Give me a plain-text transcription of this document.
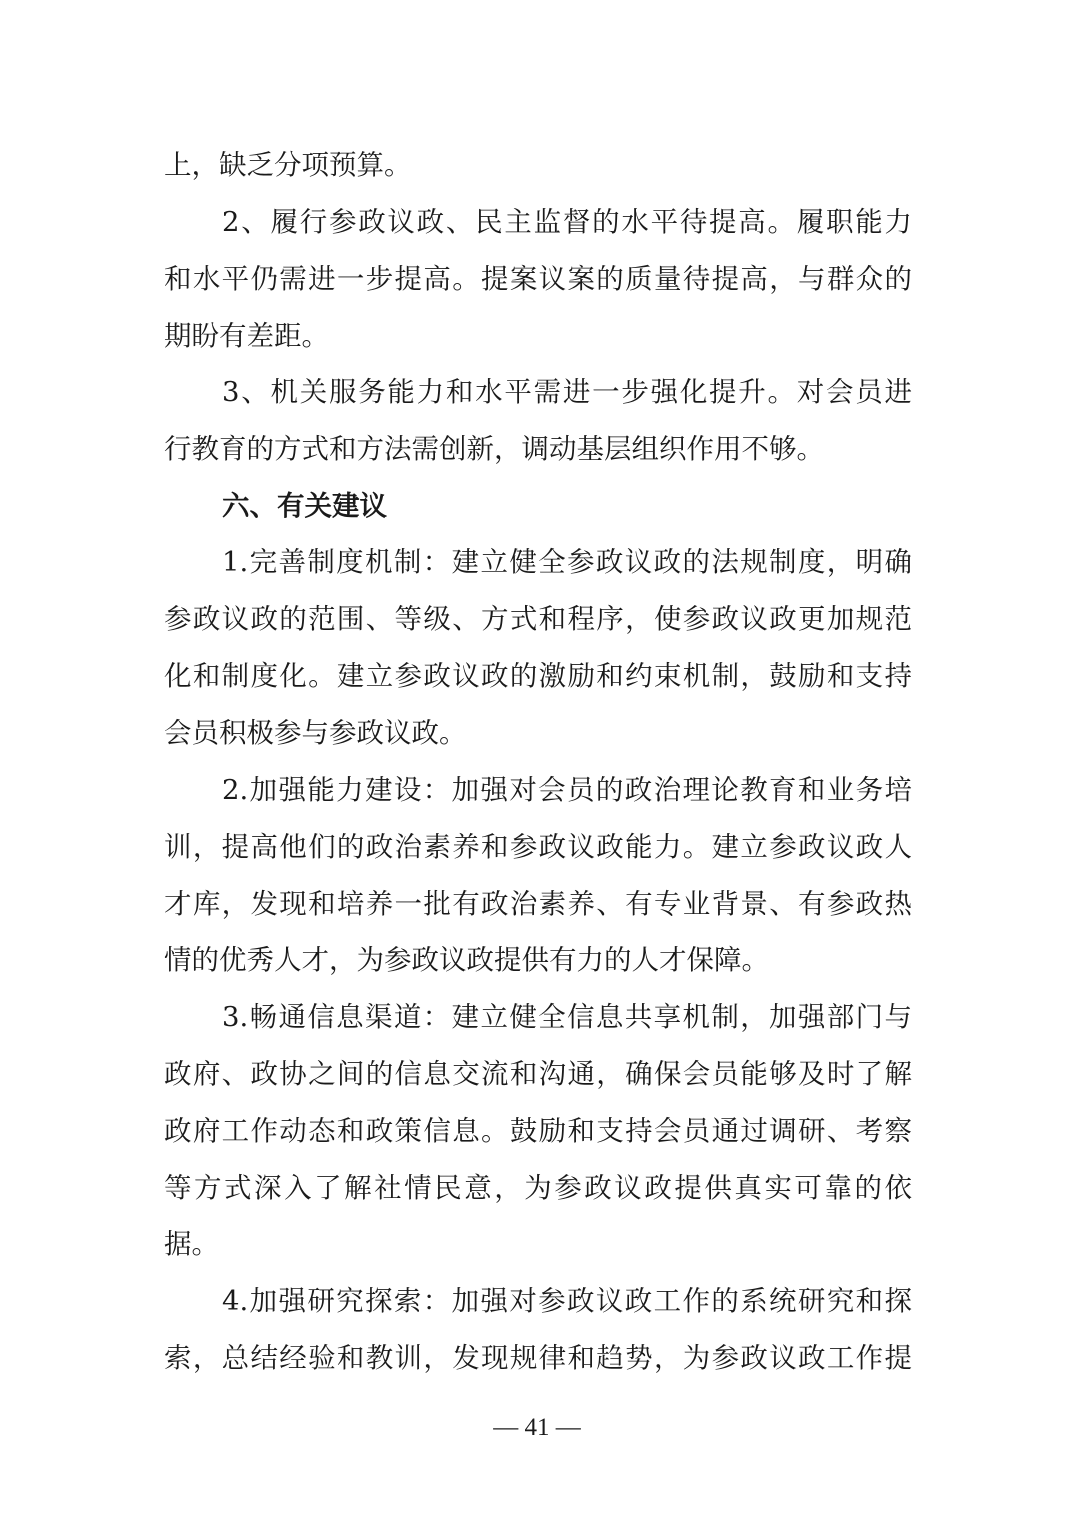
上，缺乏分项预算。
2、履行参政议政、民主监督的水平待提高。履职能力
和水平仍需进一步提高。提案议案的质量待提高，与群众的
期盼有差距。
3、机关服务能力和水平需进一步强化提升。对会员进
行教育的方式和方法需创新，调动基层组织作用不够。
六、有关建议
1.完善制度机制：建立健全参政议政的法规制度，明确
参政议政的范围、等级、方式和程序，使参政议政更加规范
化和制度化。建立参政议政的激励和约束机制，鼓励和支持
会员积极参与参政议政。
2.加强能力建设：加强对会员的政治理论教育和业务培
训，提高他们的政治素养和参政议政能力。建立参政议政人
才库，发现和培养一批有政治素养、有专业背景、有参政热
情的优秀人才，为参政议政提供有力的人才保障。
3.畅通信息渠道：建立健全信息共享机制，加强部门与
政府、政协之间的信息交流和沟通，确保会员能够及时了解
政府工作动态和政策信息。鼓励和支持会员通过调研、考察
等方式深入了解社情民意，为参政议政提供真实可靠的依
据。
4.加强研究探索：加强对参政议政工作的系统研究和探
索，总结经验和教训，发现规律和趋势，为参政议政工作提
— 41 —
